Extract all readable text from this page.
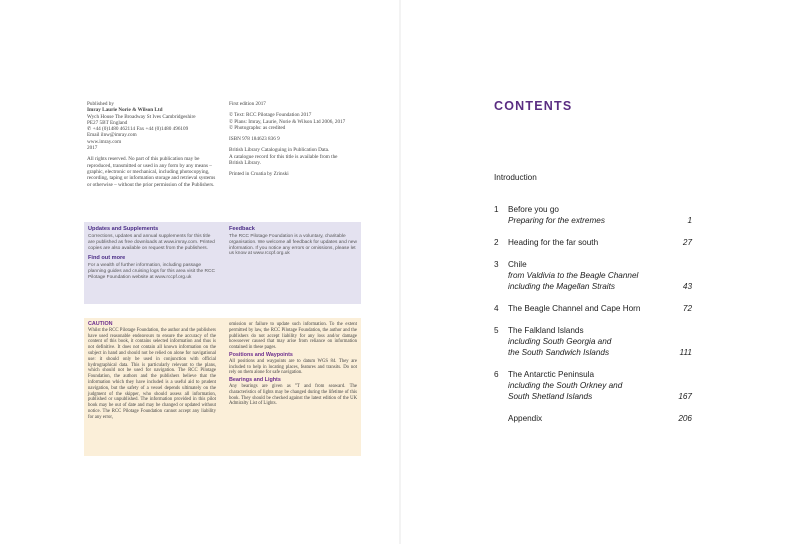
Published by
Imray Laurie Norie & Wilson Ltd
Wych House The Broadway St Ives Cambridgeshire
PE27 5BT England
✆ +44 (0)1480 462114 Fax +44 (0)1480 496109
Email ilnw@imray.com
www.imray.com
2017
All rights reserved. No part of this publication may be reproduced, transmitted or used in any form by any means – graphic, electronic or mechanical, including photocopying, recording, taping or information storage and retrieval systems or otherwise – without the prior permission of the Publishers.
First edition 2017
© Text: RCC Pilotage Foundation 2017
© Plans: Imray, Laurie, Norie & Wilson Ltd 2006, 2017
© Photographs: as credited
ISBN 978 184623 836 9
British Library Cataloguing in Publication Data.
A catalogue record for this title is available from the
British Library.
Printed in Croatia by Zrinski
Updates and Supplements

Corrections, updates and annual supplements for this title are published as free downloads at www.imray.com. Printed copies are also available on request from the publishers.

Find out more

For a wealth of further information, including passage planning guides and cruising logs for this area visit the RCC Pilotage Foundation website at www.rccpf.org.uk

Feedback

The RCC Pilotage Foundation is a voluntary, charitable organisation. We welcome all feedback for updates and new information. If you notice any errors or omissions, please let us know at www.rccpf.org.uk

CAUTION

Whilst the RCC Pilotage Foundation, the author and the publishers have used reasonable endeavours to ensure the accuracy of the content of this book, it contains selected information and thus is not definitive. It does not contain all known information on the subject in hand and should not be relied on alone for navigational use: it should only be used in conjunction with official hydrographical data. This is particularly relevant to the plans, which should not be used for navigation. The RCC Pilotage Foundation, the authors and the publishers believe that the information which they have included is a useful aid to prudent navigation, but the safety of a vessel depends ultimately on the judgment of the skipper, who should assess all information, published or unpublished. The information provided in this pilot book may be out of date and may be changed or updated without notice. The RCC Pilotage Foundation cannot accept any liability for any error,

omission or failure to update such information. To the extent permitted by law, the RCC Pilotage Foundation, the author and the publishers do not accept liability for any loss and/or damage howsoever caused that may arise from reliance on information contained in these pages.

Positions and Waypoints

All positions and waypoints are to datum WGS 84. They are included to help in locating places, features and transits. Do not rely on them alone for safe navigation.

Bearings and Lights

Any bearings are given as °T and from seaward. The characteristics of lights may be changed during the lifetime of this book. They should be checked against the latest edition of the UK Admiralty List of Lights.

CONTENTS
Introduction
1 Before you go
Preparing for the extremes	1
2 Heading for the far south	27
3 Chile
from Valdivia to the Beagle Channel
including the Magellan Straits	43
4 The Beagle Channel and Cape Horn	72
5 The Falkland Islands
including South Georgia and
the South Sandwich Islands	111
6 The Antarctic Peninsula
including the South Orkney and
South Shetland Islands	167
Appendix	206
